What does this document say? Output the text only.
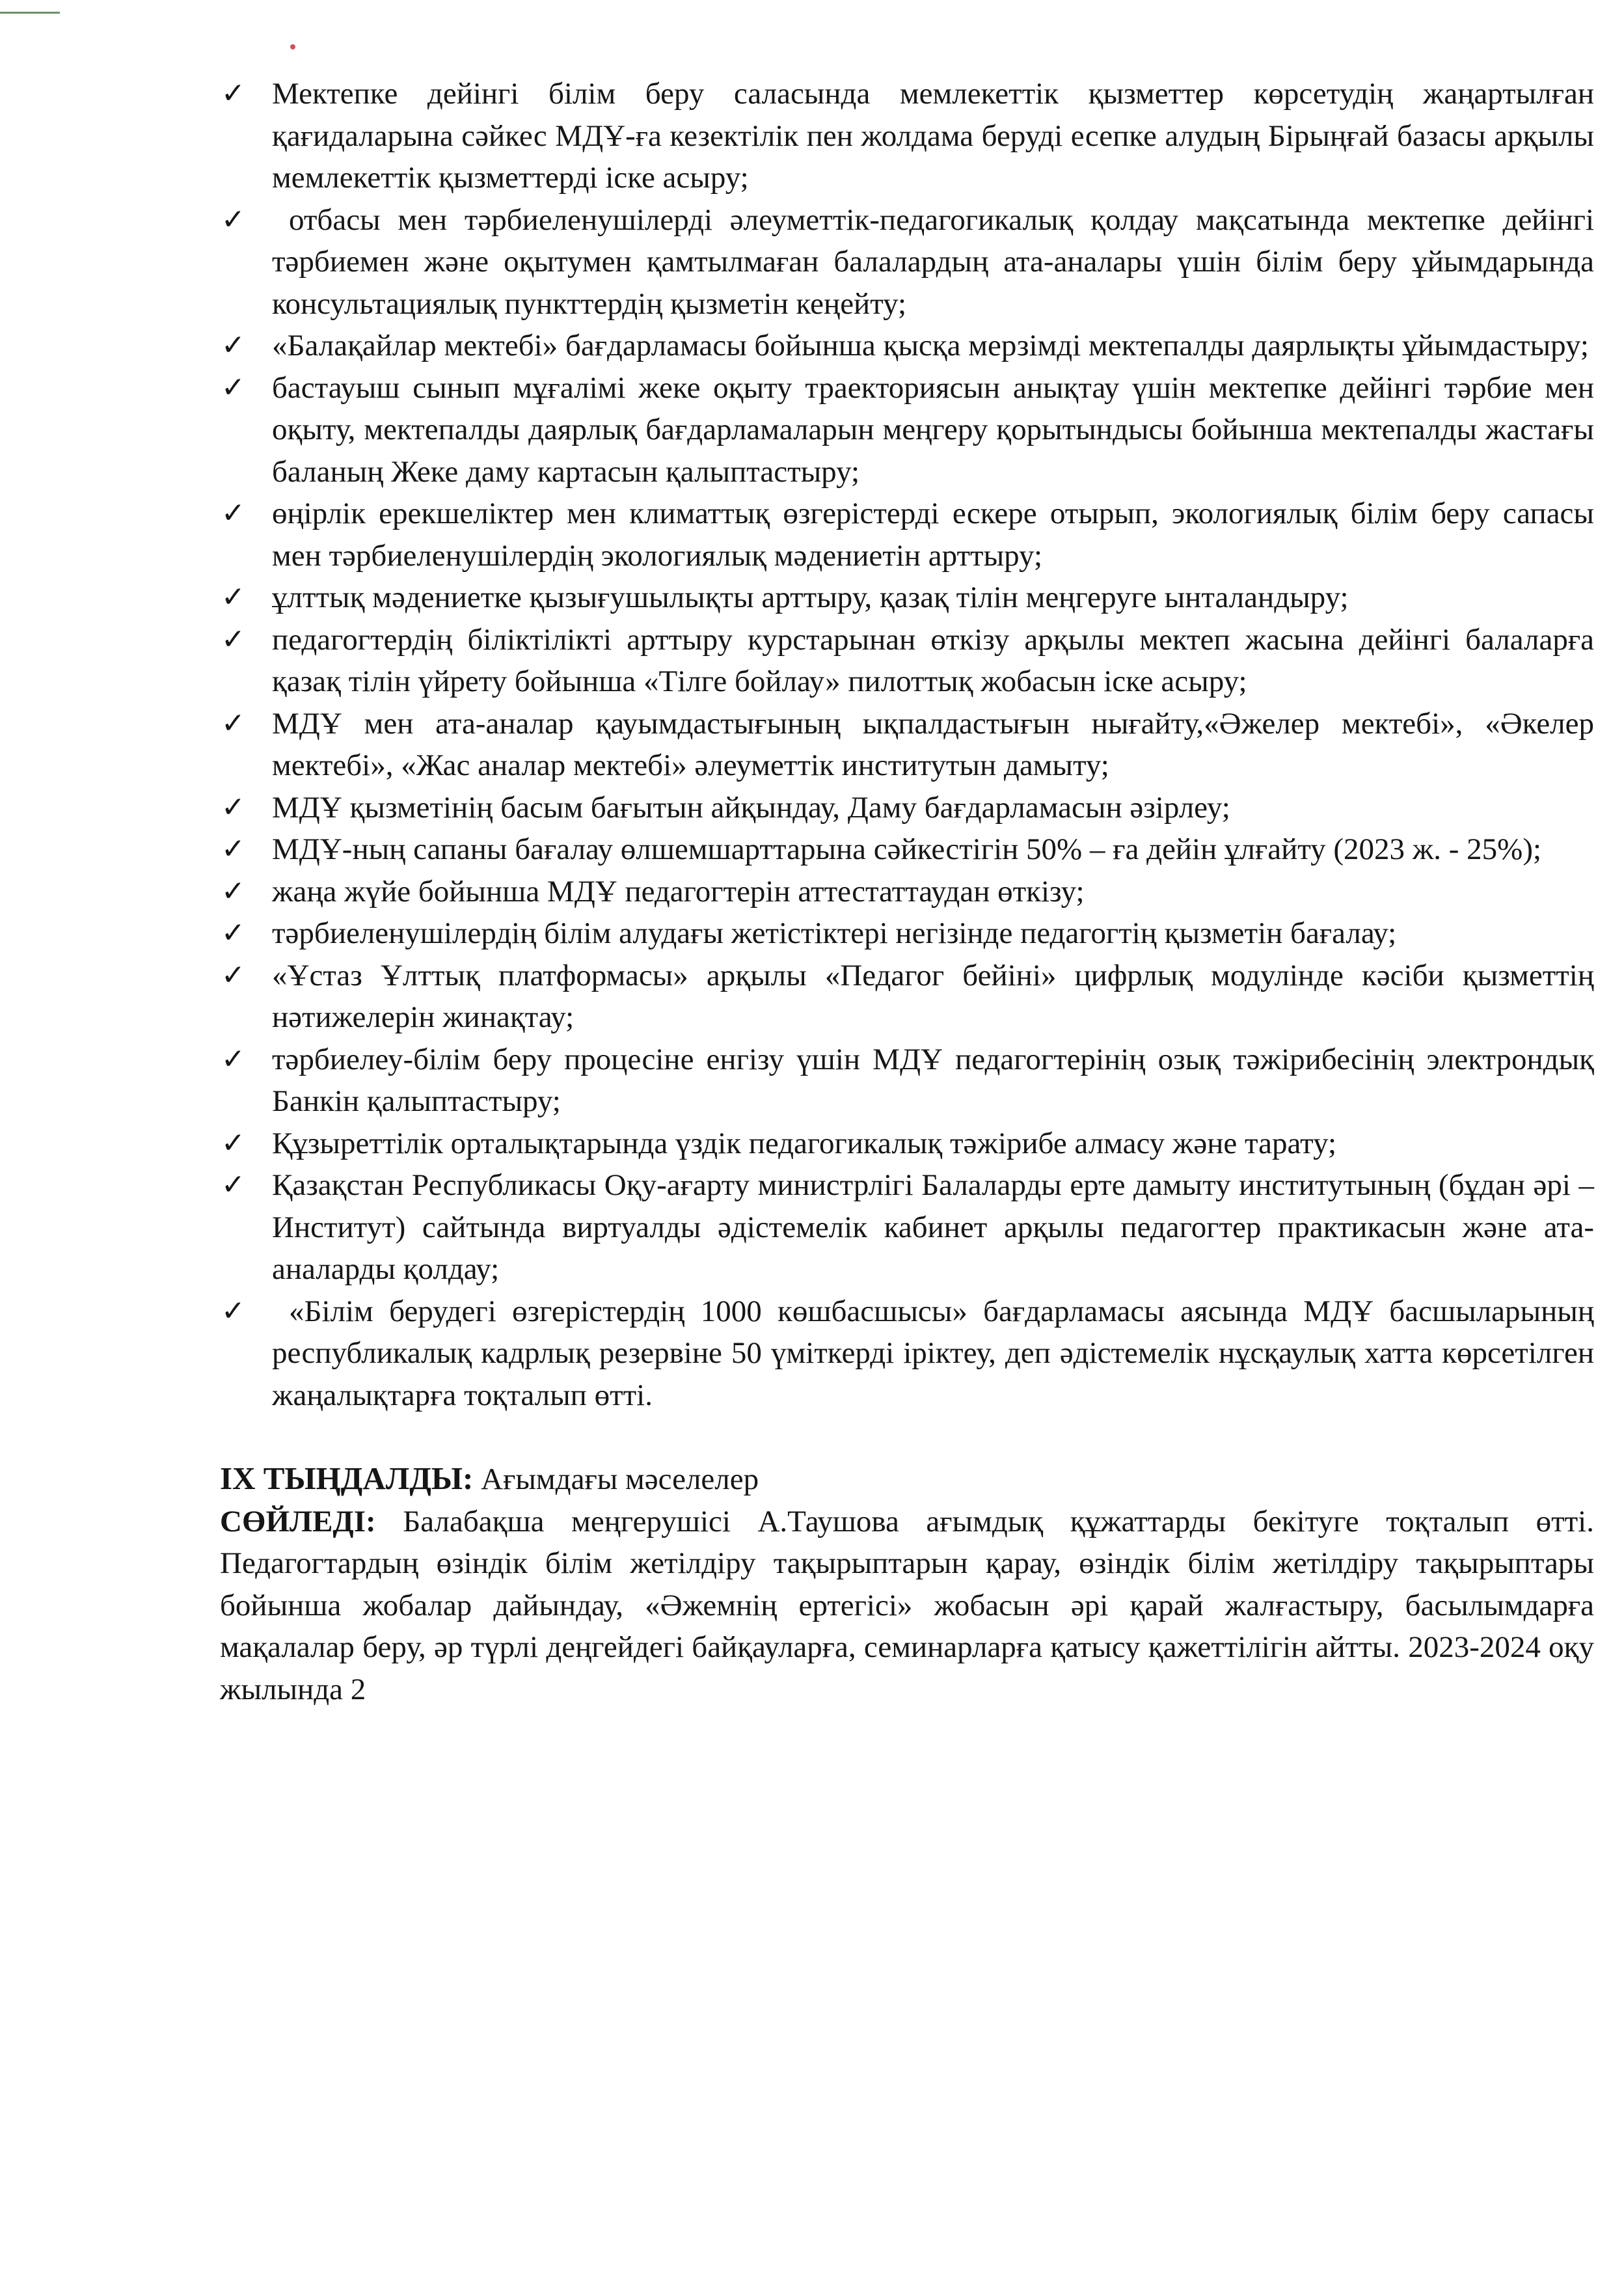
✓ Мектепке дейінгі білім беру саласында мемлекеттік қызметтер көрсетудің жаңартылған қағидаларына сәйкес МДҰ-ға кезектілік пен жолдама беруді есепке алудың Бірыңғай базасы арқылы мемлекеттік қызметтерді іске асыру;
✓ отбасы мен тәрбиеленушілерді әлеуметтік-педагогикалық қолдау мақсатында мектепке дейінгі тәрбиемен және оқытумен қамтылмаған балалардың ата-аналары үшін білім беру ұйымдарында консультациялық пункттердің қызметін кеңейту;
✓ «Балақайлар мектебі» бағдарламасы бойынша қысқа мерзімді мектепалды даярлықты ұйымдастыру;
✓ бастауыш сынып мұғалімі жеке оқыту траекториясын анықтау үшін мектепке дейінгі тәрбие мен оқыту, мектепалды даярлық бағдарламаларын меңгеру қорытындысы бойынша мектепалды жастағы баланың Жеке даму картасын қалыптастыру;
✓ өңірлік ерекшеліктер мен климаттық өзгерістерді ескере отырып, экологиялық білім беру сапасы мен тәрбиеленушілердің экологиялық мәдениетін арттыру;
✓ ұлттық мәдениетке қызығушылықты арттыру, қазақ тілін меңгеруге ынталандыру;
✓ педагогтердің біліктілікті арттыру курстарынан өткізу арқылы мектеп жасына дейінгі балаларға қазақ тілін үйрету бойынша «Тілге бойлау» пилоттық жобасын іске асыру;
✓ МДҰ мен ата-аналар қауымдастығының ықпалдастығын нығайту,«Әжелер мектебі», «Әкелер мектебі», «Жас аналар мектебі» әлеуметтік институтын дамыту;
✓ МДҰ қызметінің басым бағытын айқындау, Даму бағдарламасын әзірлеу;
✓ МДҰ-ның сапаны бағалау өлшемшарттарына сәйкестігін 50% – ға дейін ұлғайту (2023 ж. - 25%);
✓ жаңа жүйе бойынша МДҰ педагогтерін аттестаттаудан өткізу;
✓ тәрбиеленушілердің білім алудағы жетістіктері негізінде педагогтің қызметін бағалау;
✓ «Ұстаз Ұлттық платформасы» арқылы «Педагог бейіні» цифрлық модулінде кәсіби қызметтің нәтижелерін жинақтау;
✓ тәрбиелеу-білім беру процесіне енгізу үшін МДҰ педагогтерінің озық тәжірибесінің электрондық Банкін қалыптастыру;
✓ Құзыреттілік орталықтарында үздік педагогикалық тәжірибе алмасу және тарату;
✓ Қазақстан Республикасы Оқу-ағарту министрлігі Балаларды ерте дамыту институтының (бұдан әрі – Институт) сайтында виртуалды әдістемелік кабинет арқылы педагогтер практикасын және ата-аналарды қолдау;
✓ «Білім берудегі өзгерістердің 1000 көшбасшысы» бағдарламасы аясында МДҰ басшыларының республикалық кадрлық резервіне 50 үміткерді іріктеу, деп әдістемелік нұсқаулық хатта көрсетілген жаңалықтарға тоқталып өтті.

ІХ ТЫҢДАЛДЫ: Ағымдағы мәселелер

СӨЙЛЕДІ: Балабақша меңгерушісі А.Таушова ағымдық құжаттарды бекітуге тоқталып өтті. Педагогтардың өзіндік білім жетілдіру тақырыптарын қарау, өзіндік білім жетілдіру тақырыптары бойынша жобалар дайындау, «Әжемнің ертегісі» жобасын әрі қарай жалғастыру, басылымдарға мақалалар беру, әр түрлі деңгейдегі байқауларға, семинарларға қатысу қажеттілігін айтты. 2023-2024 оқу жылында 2
